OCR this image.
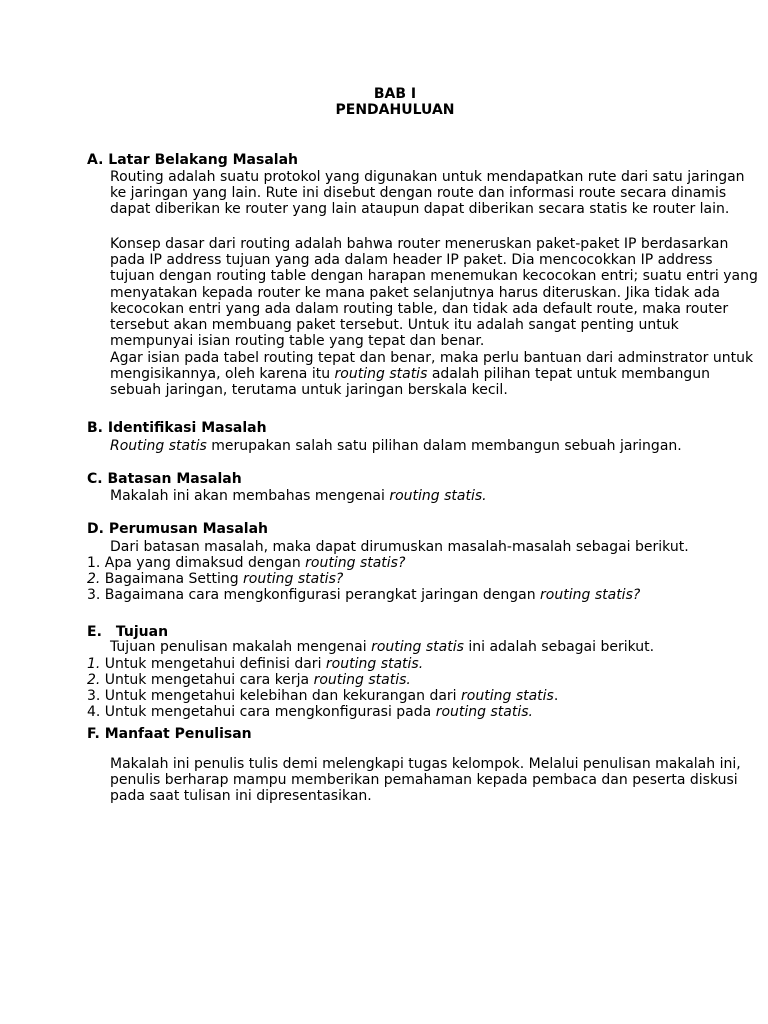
BAB I
PENDAHULUAN
A. Latar Belakang Masalah
Routing adalah suatu protokol yang digunakan untuk mendapatkan rute dari satu jaringan ke jaringan yang lain. Rute ini disebut dengan route dan informasi route secara dinamis dapat diberikan ke router yang lain ataupun dapat diberikan secara statis ke router lain.
Konsep dasar dari routing adalah bahwa router meneruskan paket-paket IP berdasarkan pada IP address tujuan yang ada dalam header IP paket. Dia mencocokkan IP address tujuan dengan routing table dengan harapan menemukan kecocokan entri; suatu entri yang menyatakan kepada router ke mana paket selanjutnya harus diteruskan. Jika tidak ada kecocokan entri yang ada dalam routing table, dan tidak ada default route, maka router tersebut akan membuang paket tersebut. Untuk itu adalah sangat penting untuk mempunyai isian routing table yang tepat dan benar.
Agar isian pada tabel routing tepat dan benar, maka perlu bantuan dari adminstrator untuk mengisikannya, oleh karena itu routing statis adalah pilihan tepat untuk membangun sebuah jaringan, terutama untuk jaringan berskala kecil.
B. Identifikasi Masalah
Routing statis merupakan salah satu pilihan dalam membangun sebuah jaringan.
C. Batasan Masalah
Makalah ini akan membahas mengenai routing statis.
D. Perumusan Masalah
Dari batasan masalah, maka dapat dirumuskan masalah-masalah sebagai berikut.
1. Apa yang dimaksud dengan routing statis?
2. Bagaimana Setting routing statis?
3. Bagaimana cara mengkonfigurasi perangkat jaringan dengan routing statis?
E. Tujuan
Tujuan penulisan makalah mengenai routing statis ini adalah sebagai berikut.
1. Untuk mengetahui definisi dari routing statis.
2. Untuk mengetahui cara kerja routing statis.
3. Untuk mengetahui kelebihan dan kekurangan dari routing statis.
4. Untuk mengetahui cara mengkonfigurasi pada routing statis.
F. Manfaat Penulisan
Makalah ini penulis tulis demi melengkapi tugas kelompok. Melalui penulisan makalah ini, penulis berharap mampu memberikan pemahaman kepada pembaca dan peserta diskusi pada saat tulisan ini dipresentasikan.
